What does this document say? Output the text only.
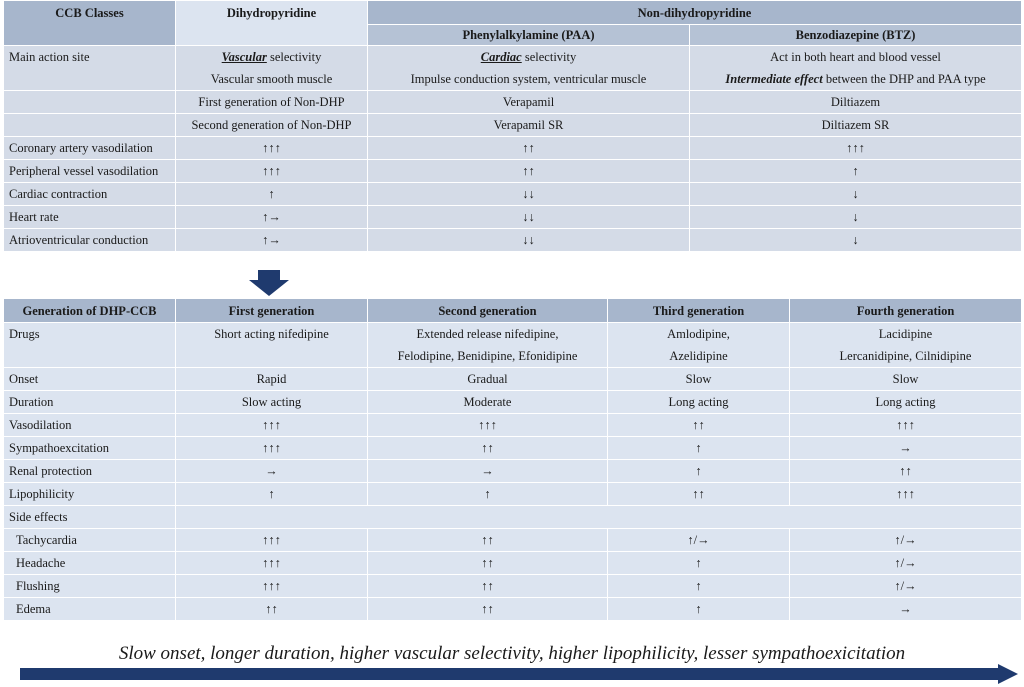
CCB Classes	Dihydropyridine	Non-dihydropyridine	
		Phenylalkylamine (PAA)	Benzodiazepine (BTZ)
Main action site	Vascular selectivity	Cardiac selectivity	Act in both heart and blood vessel
	Vascular smooth muscle	Impulse conduction system, ventricular muscle	Intermediate effect between the DHP and PAA type
	First generation of Non-DHP	Verapamil	Diltiazem
	Second generation of Non-DHP	Verapamil SR	Diltiazem SR
Coronary artery vasodilation	↑↑↑	↑↑	↑↑↑
Peripheral vessel vasodilation	↑↑↑	↑↑	↑
Cardiac contraction	↑	↓↓	↓
Heart rate	↑→	↓↓	↓
Atrioventricular conduction	↑→	↓↓	↓
Generation of DHP-CCB	First generation	Second generation	Third generation	Fourth generation
Drugs	Short acting nifedipine	Extended release nifedipine,	Amlodipine,	Lacidipine
		Felodipine, Benidipine, Efonidipine	Azelidipine	Lercanidipine, Cilnidipine
Onset	Rapid	Gradual	Slow	Slow
Duration	Slow acting	Moderate	Long acting	Long acting
Vasodilation	↑↑↑	↑↑↑	↑↑	↑↑↑
Sympathoexcitation	↑↑↑	↑↑	↑	→
Renal protection	→	→	↑	↑↑
Lipophilicity	↑	↑	↑↑	↑↑↑
Side effects				
Tachycardia	↑↑↑	↑↑	↑/→	↑/→
Headache	↑↑↑	↑↑	↑	↑/→
Flushing	↑↑↑	↑↑	↑	↑/→
Edema	↑↑	↑↑	↑	→
Slow onset, longer duration, higher vascular selectivity, higher lipophilicity, lesser sympathoexicitation
